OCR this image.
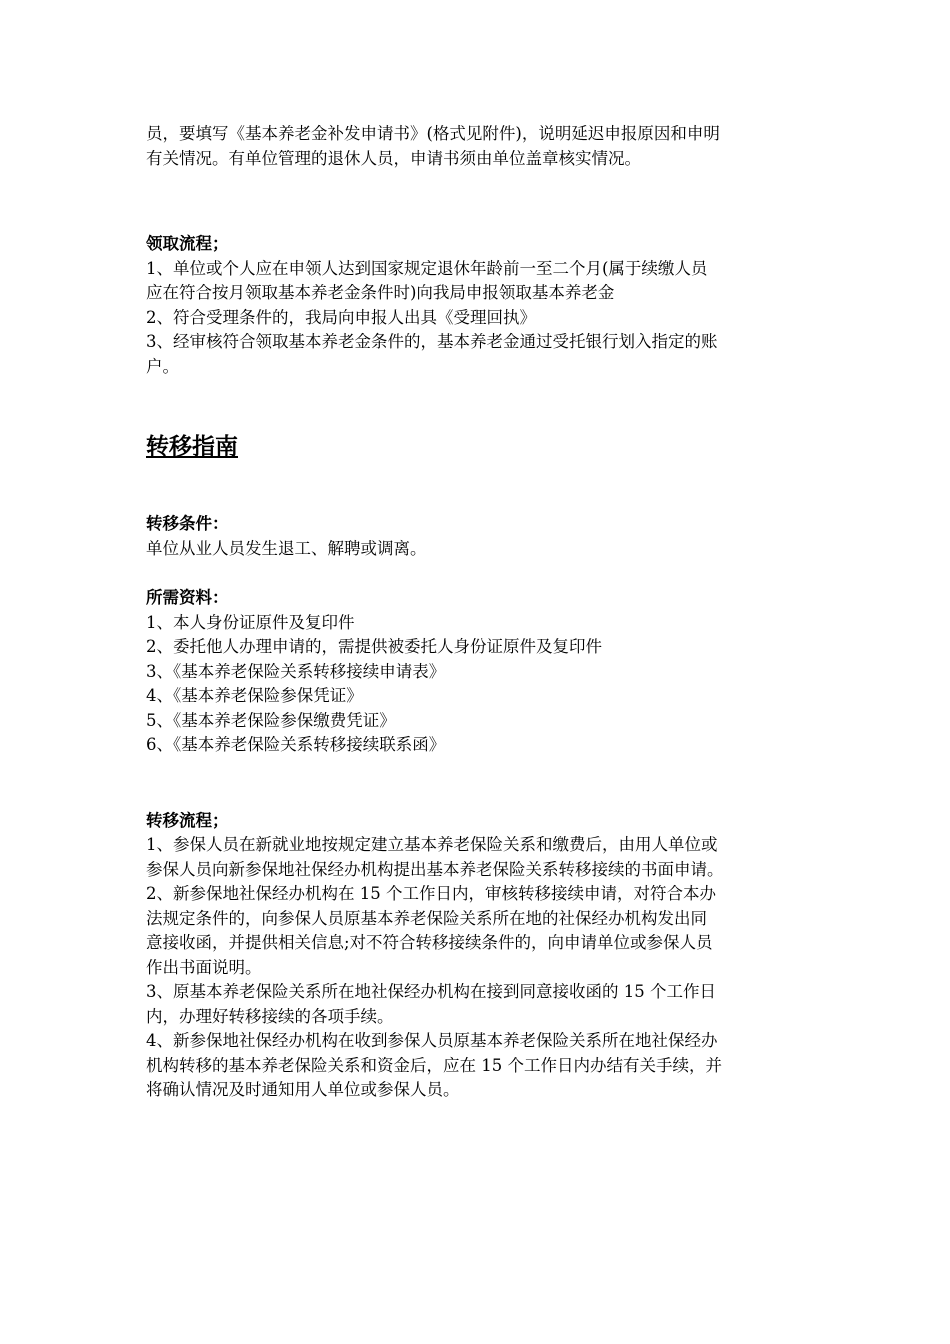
员，要填写《基本养老金补发申请书》(格式见附件)，说明延迟申报原因和申明

有关情况。有单位管理的退休人员，申请书须由单位盖章核实情况。

领取流程；

1、单位或个人应在申领人达到国家规定退休年龄前一至二个月(属于续缴人员

应在符合按月领取基本养老金条件时)向我局申报领取基本养老金

2、符合受理条件的，我局向申报人出具《受理回执》

3、经审核符合领取基本养老金条件的，基本养老金通过受托银行划入指定的账

户。

转移指南

转移条件：

单位从业人员发生退工、解聘或调离。

所需资料：

1、本人身份证原件及复印件
2、委托他人办理申请的，需提供被委托人身份证原件及复印件
3、《基本养老保险关系转移接续申请表》
4、《基本养老保险参保凭证》
5、《基本养老保险参保缴费凭证》
6、《基本养老保险关系转移接续联系函》

转移流程；

1、参保人员在新就业地按规定建立基本养老保险关系和缴费后，由用人单位或

参保人员向新参保地社保经办机构提出基本养老保险关系转移接续的书面申请。

2、新参保地社保经办机构在 15 个工作日内，审核转移接续申请，对符合本办

法规定条件的，向参保人员原基本养老保险关系所在地的社保经办机构发出同

意接收函，并提供相关信息;对不符合转移接续条件的，向申请单位或参保人员

作出书面说明。

3、原基本养老保险关系所在地社保经办机构在接到同意接收函的 15 个工作日

内，办理好转移接续的各项手续。

4、新参保地社保经办机构在收到参保人员原基本养老保险关系所在地社保经办

机构转移的基本养老保险关系和资金后，应在 15 个工作日内办结有关手续，并

将确认情况及时通知用人单位或参保人员。
